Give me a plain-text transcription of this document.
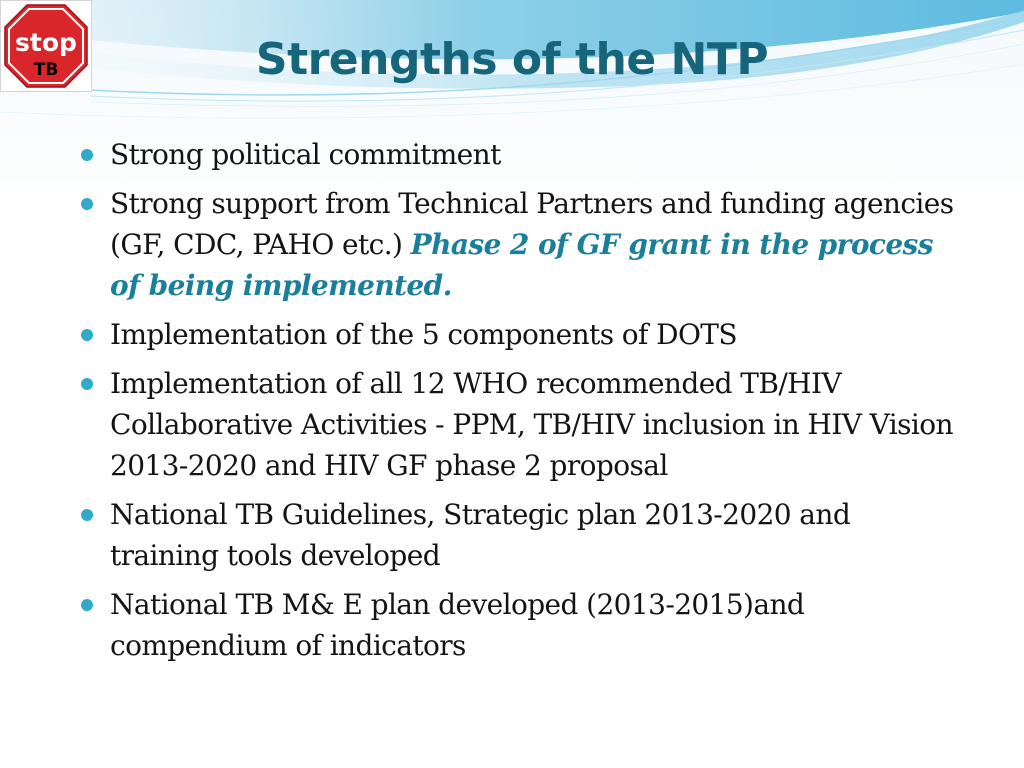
stop
TB	Strengths of the NTP
Strong political commitment
Strong support from Technical Partners and funding agencies (GF, CDC, PAHO etc.) Phase 2 of GF grant in the process of being implemented.
Implementation of the 5 components of DOTS
Implementation of all 12 WHO recommended TB/HIV Collaborative Activities - PPM, TB/HIV inclusion in HIV Vision 2013-2020 and HIV GF phase 2 proposal
National TB Guidelines, Strategic plan 2013-2020 and training tools developed
National TB M& E plan developed (2013-2015)and compendium of indicators
